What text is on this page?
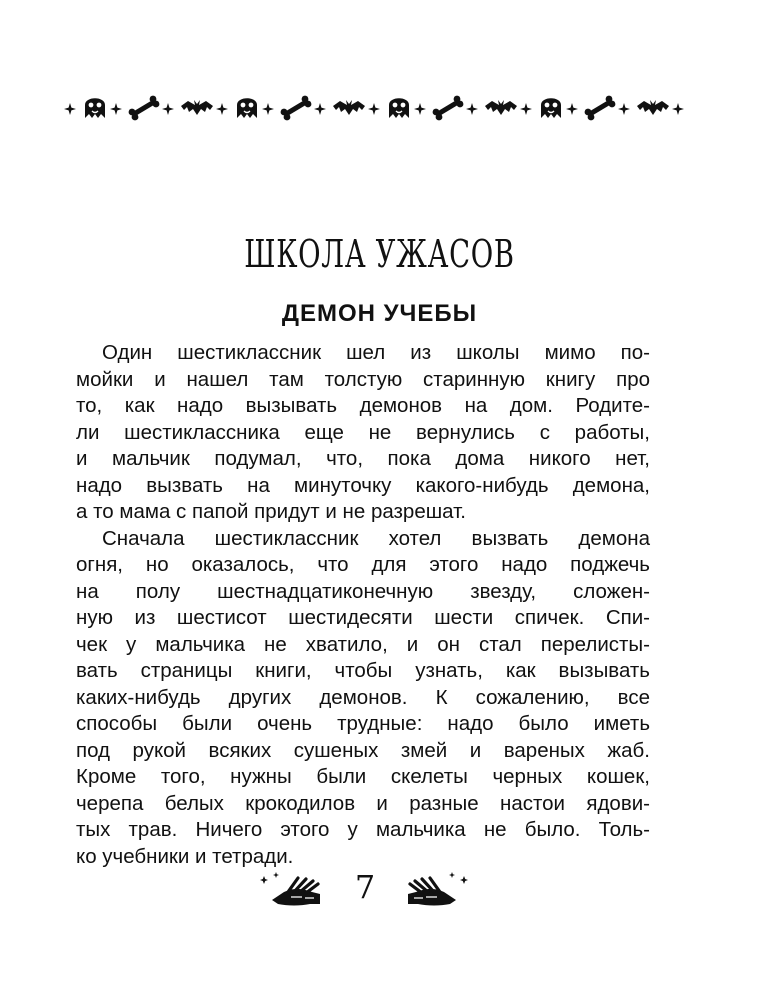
ШКОЛА УЖАСОВ
ДЕМОН УЧЕБЫ
Один шестиклассник шел из школы мимо по-
мойки и нашел там толстую старинную книгу про
то, как надо вызывать демонов на дом. Родите-
ли шестиклассника еще не вернулись с работы,
и мальчик подумал, что, пока дома никого нет,
надо вызвать на минуточку какого-нибудь демона,
а то мама с папой придут и не разрешат.
Сначала шестиклассник хотел вызвать демона
огня, но оказалось, что для этого надо поджечь
на полу шестнадцатиконечную звезду, сложен-
ную из шестисот шестидесяти шести спичек. Спи-
чек у мальчика не хватило, и он стал перелисты-
вать страницы книги, чтобы узнать, как вызывать
каких-нибудь других демонов. К сожалению, все
способы были очень трудные: надо было иметь
под рукой всяких сушеных змей и вареных жаб.
Кроме того, нужны были скелеты черных кошек,
черепа белых крокодилов и разные настои ядови-
тых трав. Ничего этого у мальчика не было. Толь-
ко учебники и тетради.
7
